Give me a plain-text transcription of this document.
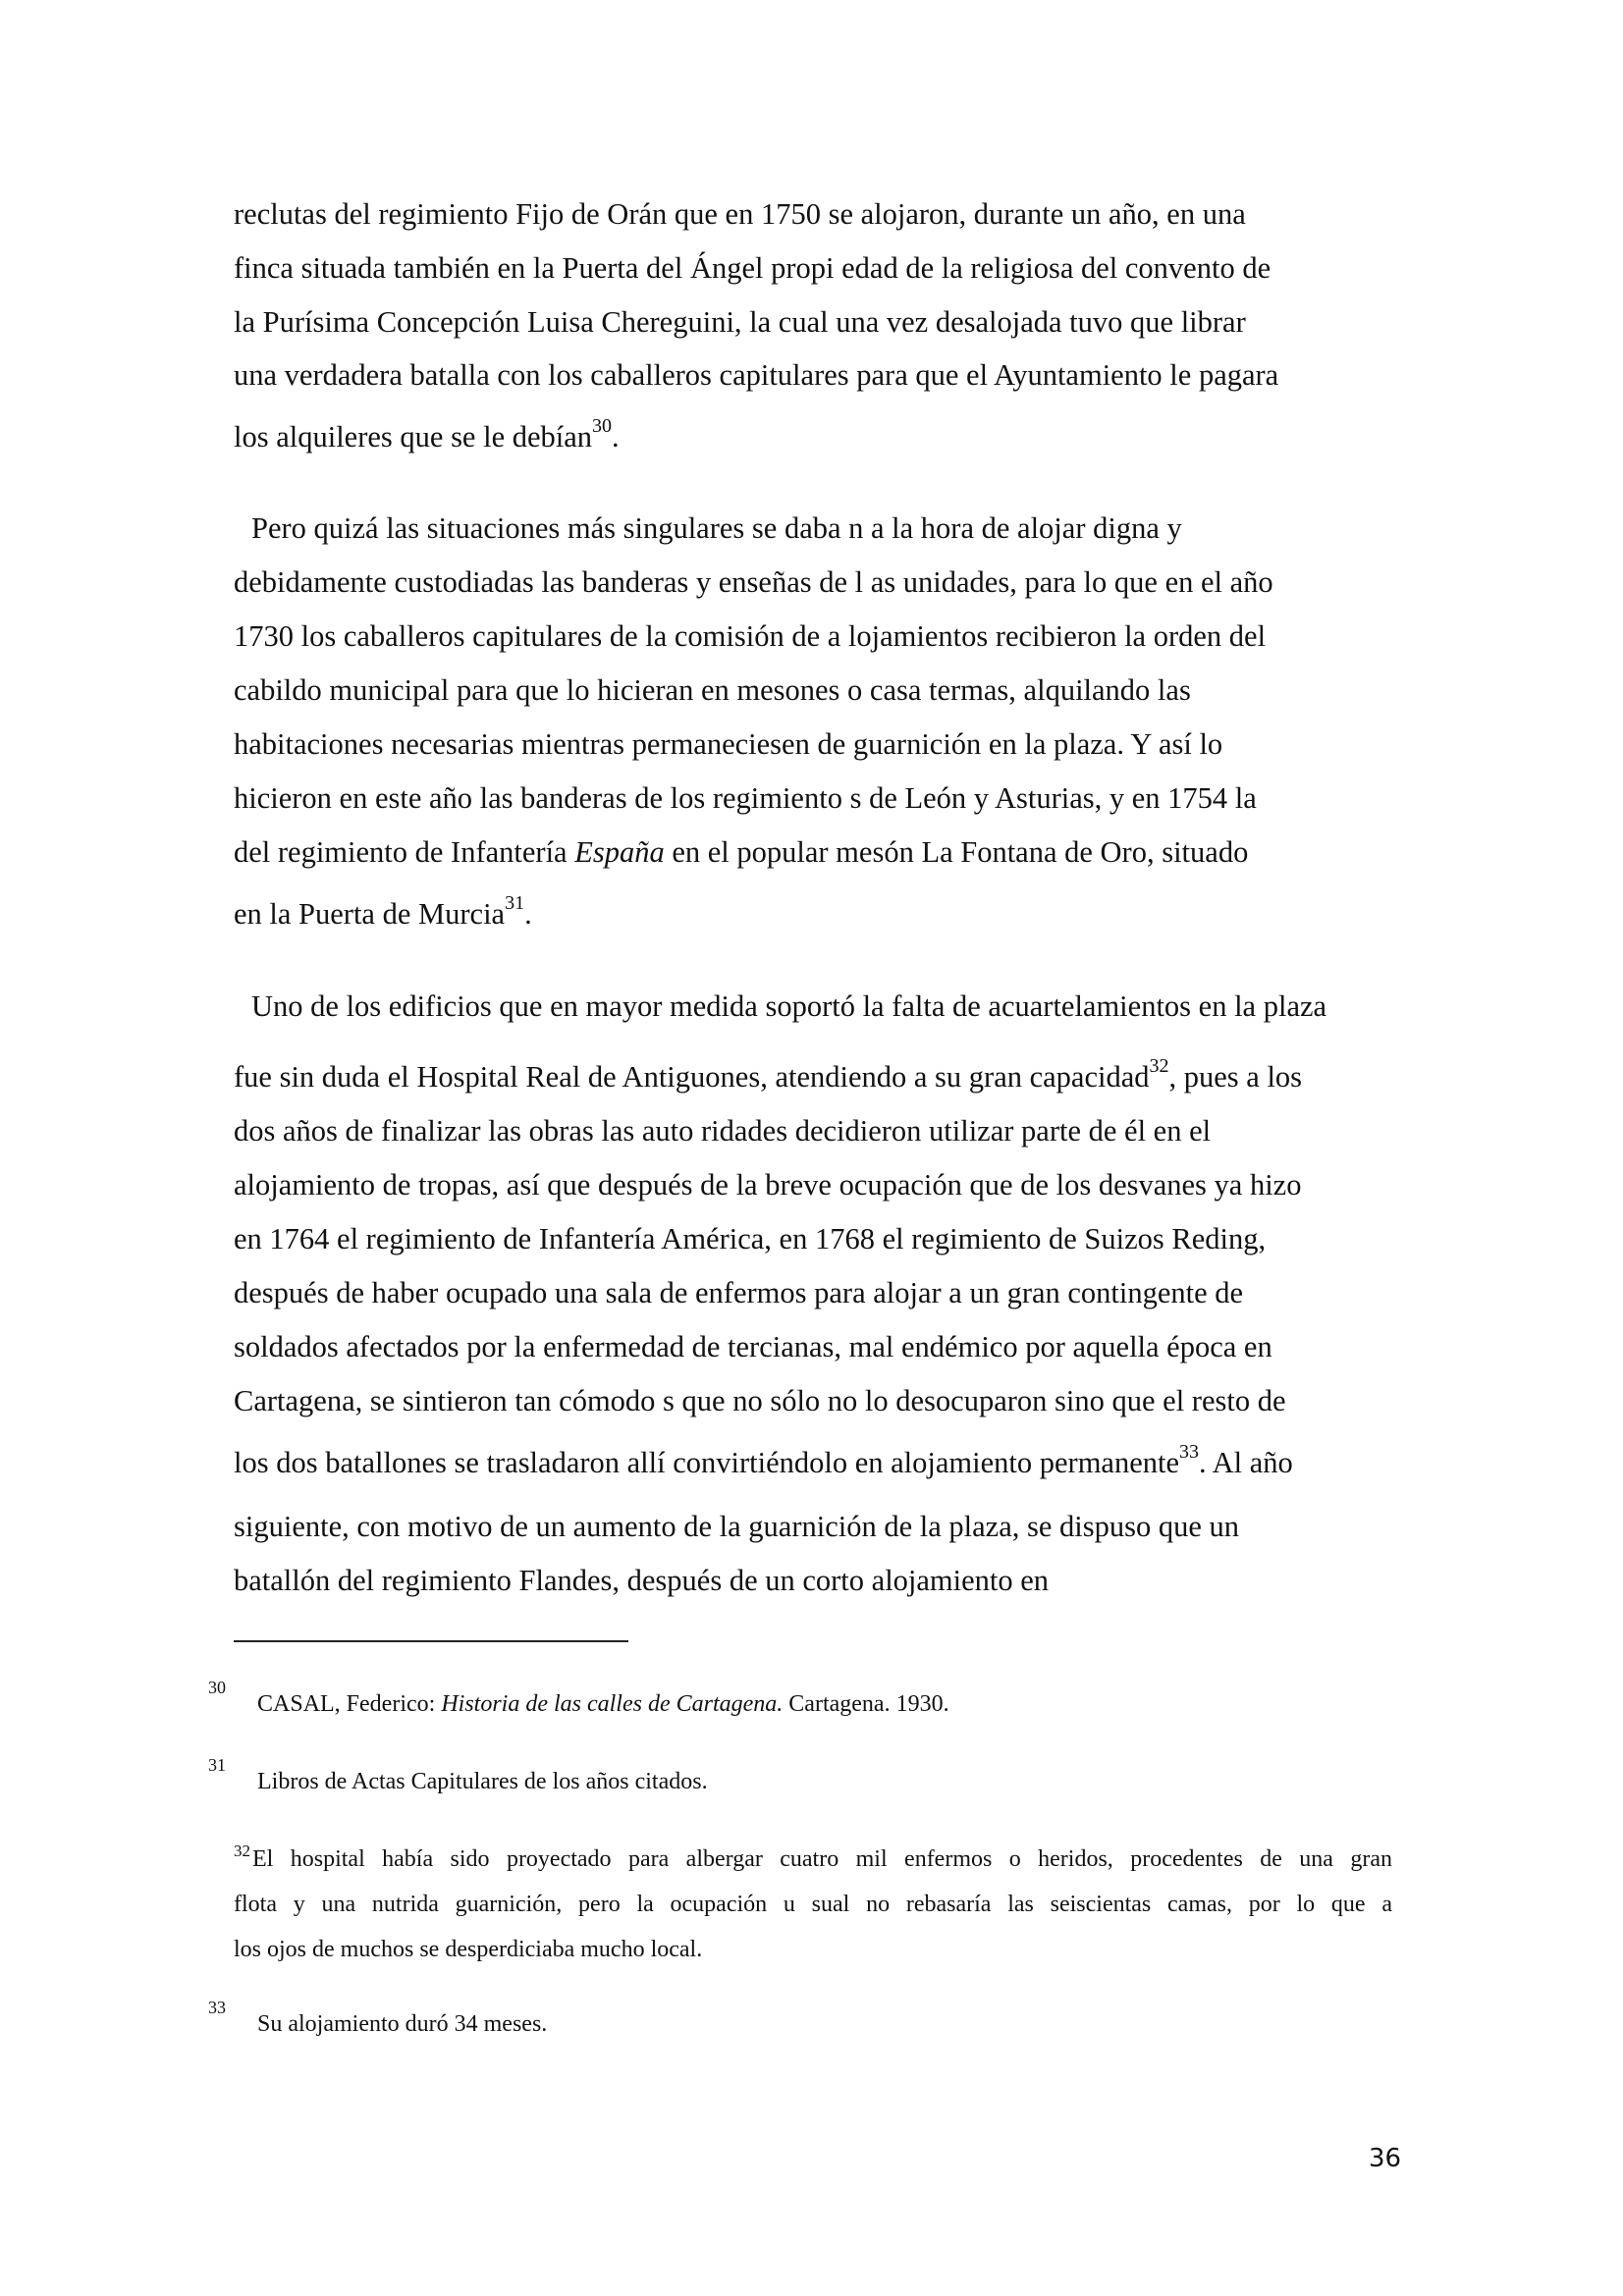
reclutas del regimiento Fijo de Orán que en 1750 se alojaron, durante un año, en una
finca situada también en la Puerta del Ángel propi edad de la religiosa del convento de
la Purísima Concepción Luisa Chereguini, la cual una vez desalojada tuvo que librar
una verdadera batalla con los caballeros capitulares para que el Ayuntamiento le pagara
los alquileres que se le debían$^{30}$.
Pero quizá las situaciones más singulares se daba n a la hora de alojar digna y
debidamente custodiadas las banderas y enseñas de l as unidades, para lo que en el año
1730 los caballeros capitulares de la comisión de a lojamientos recibieron la orden del
cabildo municipal para que lo hicieran en mesones o casa termas, alquilando las
habitaciones necesarias mientras permaneciesen de guarnición en la plaza. Y así lo
hicieron en este año las banderas de los regimiento s de León y Asturias, y en 1754 la
del regimiento de Infantería España en el popular mesón La Fontana de Oro, situado
en la Puerta de Murcia$^{31}$.
Uno de los edificios que en mayor medida soportó la falta de acuartelamientos en la plaza
fue sin duda el Hospital Real de Antiguones, atendiendo a su gran capacidad$^{32}$, pues a los
dos años de finalizar las obras las auto ridades decidieron utilizar parte de él en el
alojamiento de tropas, así que después de la breve ocupación que de los desvanes ya hizo
en 1764 el regimiento de Infantería América, en 1768 el regimiento de Suizos Reding,
después de haber ocupado una sala de enfermos para alojar a un gran contingente de
soldados afectados por la enfermedad de tercianas, mal endémico por aquella época en
Cartagena, se sintieron tan cómodo s que no sólo no lo desocuparon sino que el resto de
los dos batallones se trasladaron allí convirtiéndolo en alojamiento permanente$^{33}$. Al año
siguiente, con motivo de un aumento de la guarnición de la plaza, se dispuso que un
batallón del regimiento Flandes, después de un corto alojamiento en
30
CASAL, Federico: Historia de las calles de Cartagena. Cartagena. 1930.
31
Libros de Actas Capitulares de los años citados.
$^{32}$El hospital había sido proyectado para albergar cuatro mil enfermos o heridos, procedentes de una gran
flota y una nutrida guarnición, pero la ocupación u sual no rebasaría las seiscientas camas, por lo que a
los ojos de muchos se desperdiciaba mucho local.
33
Su alojamiento duró 34 meses.
36
